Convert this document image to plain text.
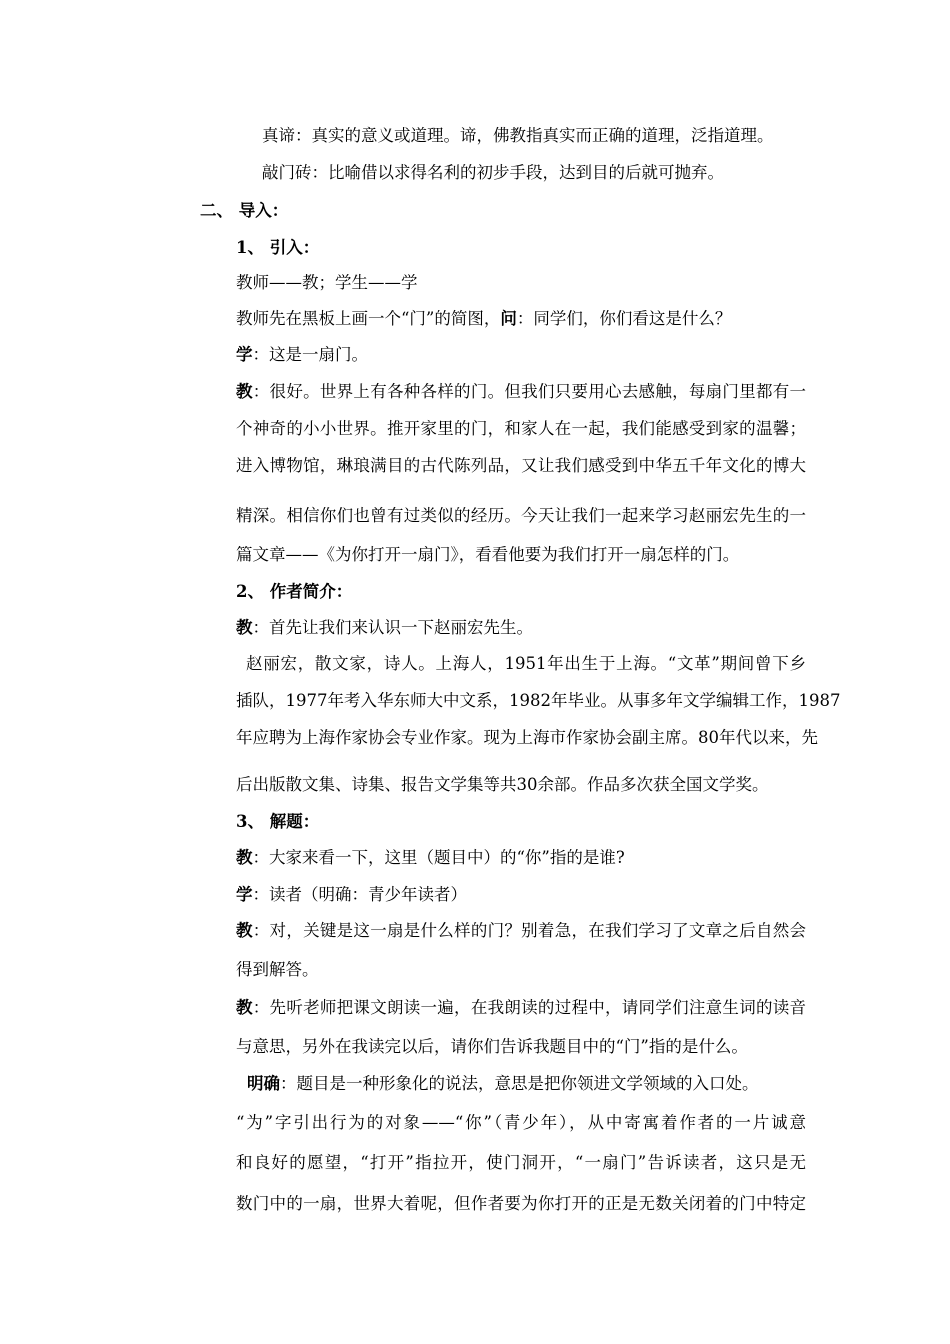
真谛：真实的意义或道理。谛，佛教指真实而正确的道理，泛指道理。
敲门砖：比喻借以求得名利的初步手段，达到目的后就可抛弃。
二、 导入：
1、 引入：
教师——教；学生——学
教师先在黑板上画一个“门”的简图，问：同学们，你们看这是什么？
学：这是一扇门。
教：很好。世界上有各种各样的门。但我们只要用心去感触，每扇门里都有一
个神奇的小小世界。推开家里的门，和家人在一起，我们能感受到家的温馨；
进入博物馆，琳琅满目的古代陈列品，又让我们感受到中华五千年文化的博大
精深。相信你们也曾有过类似的经历。今天让我们一起来学习赵丽宏先生的一
篇文章——《为你打开一扇门》，看看他要为我们打开一扇怎样的门。
2、 作者简介：
教：首先让我们来认识一下赵丽宏先生。
赵丽宏，散文家，诗人。上海人，1951年出生于上海。“文革”期间曾下乡
插队，1977年考入华东师大中文系，1982年毕业。从事多年文学编辑工作，1987
年应聘为上海作家协会专业作家。现为上海市作家协会副主席。80年代以来，先
后出版散文集、诗集、报告文学集等共30余部。作品多次获全国文学奖。
3、 解题：
教：大家来看一下，这里（题目中）的“你”指的是谁?
学：读者（明确：青少年读者）
教：对，关键是这一扇是什么样的门？别着急，在我们学习了文章之后自然会
得到解答。
教：先听老师把课文朗读一遍，在我朗读的过程中，请同学们注意生词的读音
与意思，另外在我读完以后，请你们告诉我题目中的“门”指的是什么。
明确：题目是一种形象化的说法，意思是把你领进文学领域的入口处。
“为”字引出行为的对象——“你”（青少年），从中寄寓着作者的一片诚意
和良好的愿望，“打开”指拉开，使门洞开，“一扇门”告诉读者，这只是无
数门中的一扇，世界大着呢，但作者要为你打开的正是无数关闭着的门中特定
